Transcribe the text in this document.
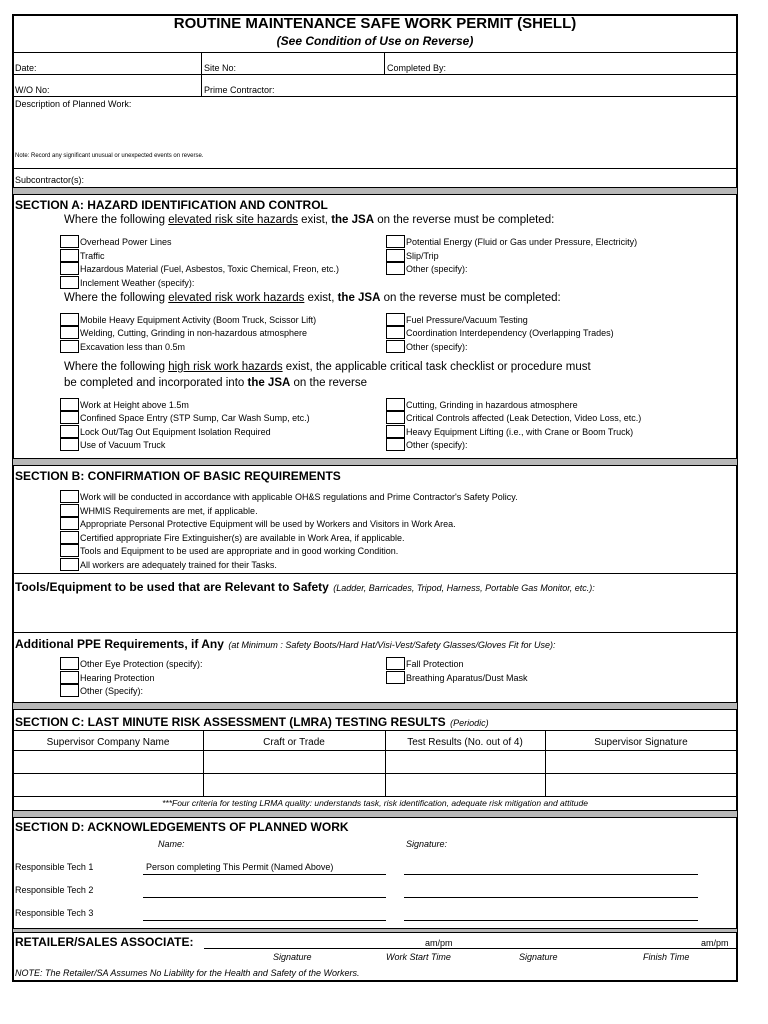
ROUTINE MAINTENANCE SAFE WORK PERMIT (SHELL)
(See Condition of Use on Reverse)
Date:	Site No:	Completed By:
W/O No:	Prime Contractor:
Description of Planned Work:
Note: Record any significant unusual or unexpected events on reverse.
Subcontractor(s):
SECTION A: HAZARD IDENTIFICATION AND CONTROL
Where the following elevated risk site hazards exist, the JSA on the reverse must be completed:
Overhead Power Lines
Traffic
Hazardous Material (Fuel, Asbestos, Toxic Chemical, Freon, etc.)
Inclement Weather (specify):
Potential Energy (Fluid or Gas under Pressure, Electricity)
Slip/Trip
Other (specify):
Where the following elevated risk work hazards exist, the JSA on the reverse must be completed:
Mobile Heavy Equipment Activity (Boom Truck, Scissor Lift)
Welding, Cutting, Grinding in non-hazardous atmosphere
Excavation less than 0.5m
Fuel Pressure/Vacuum Testing
Coordination Interdependency (Overlapping Trades)
Other (specify):
Where the following high risk work hazards exist, the applicable critical task checklist or procedure must
be completed and incorporated into the JSA on the reverse
Work at Height above 1.5m
Confined Space Entry (STP Sump, Car Wash Sump, etc.)
Lock Out/Tag Out Equipment Isolation Required
Use of Vacuum Truck
Cutting, Grinding in hazardous atmosphere
Critical Controls affected (Leak Detection, Video Loss, etc.)
Heavy Equipment Lifting (i.e., with Crane or Boom Truck)
Other (specify):
SECTION B: CONFIRMATION OF BASIC REQUIREMENTS
Work will be conducted in accordance with applicable OH&S regulations and Prime Contractor's Safety Policy.
WHMIS Requirements are met, if applicable.
Appropriate Personal Protective Equipment will be used by Workers and Visitors in Work Area.
Certified appropriate Fire Extinguisher(s) are available in Work Area, if applicable.
Tools and Equipment to be used are appropriate and in good working Condition.
All workers are adequately trained for their Tasks.
Tools/Equipment to be used that are Relevant to Safety (Ladder, Barricades, Tripod, Harness, Portable Gas Monitor, etc.):
Additional PPE Requirements, if Any (at Minimum : Safety Boots/Hard Hat/Visi-Vest/Safety Glasses/Gloves Fit for Use):
Other Eye Protection (specify):
Hearing Protection
Other (Specify):
Fall Protection
Breathing Aparatus/Dust Mask
SECTION C: LAST MINUTE RISK ASSESSMENT (LMRA) TESTING RESULTS (Periodic)
Supervisor Company Name	Craft or Trade	Test Results (No. out of 4)	Supervisor Signature
***Four criteria for testing LRMA quality: understands task, risk identification, adequate risk mitigation and attitude
SECTION D: ACKNOWLEDGEMENTS OF PLANNED WORK
Name:	Signature:
Responsible Tech 1	Person completing This Permit (Named Above)
Responsible Tech 2
Responsible Tech 3
RETAILER/SALES ASSOCIATE:	am/pm	am/pm
Signature	Work Start Time	Signature	Finish Time
NOTE: The Retailer/SA Assumes No Liability for the Health and Safety of the Workers.
